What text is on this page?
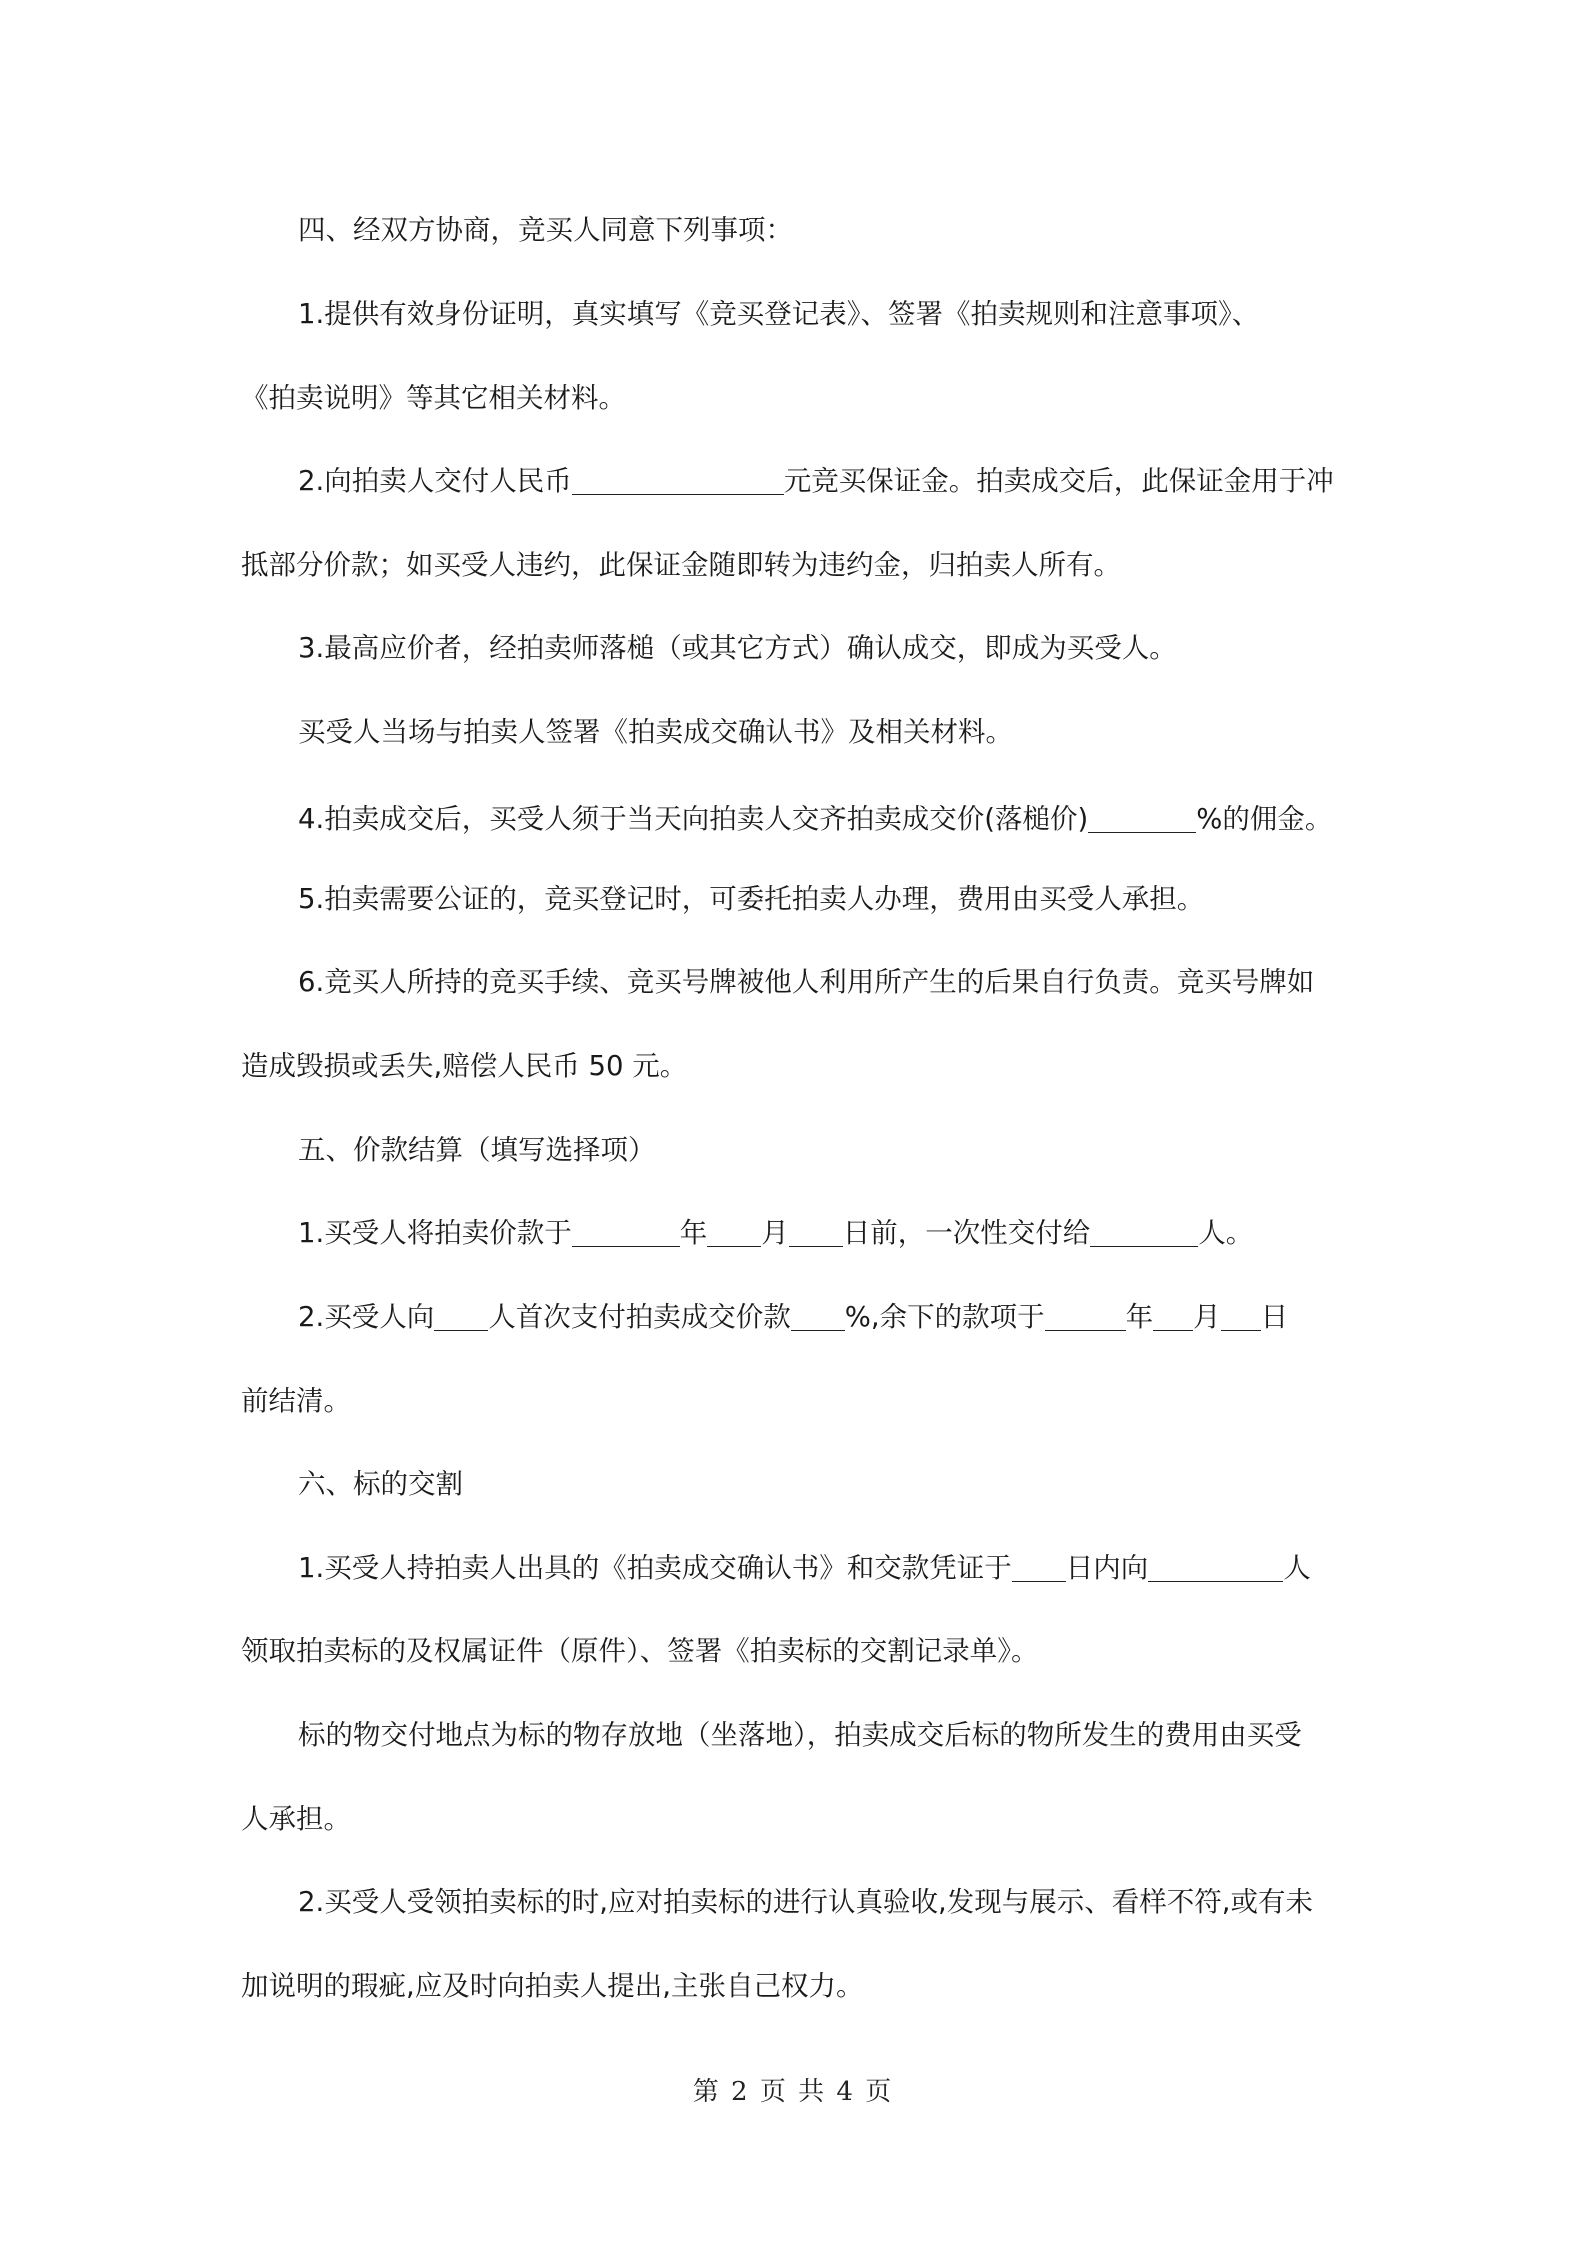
四、经双方协商，竞买人同意下列事项：
1.提供有效身份证明，真实填写《竞买登记表》、签署《拍卖规则和注意事项》、
《拍卖说明》等其它相关材料。
2.向拍卖人交付人民币	元竞买保证金。拍卖成交后，此保证金用于冲
抵部分价款；如买受人违约，此保证金随即转为违约金，归拍卖人所有。
3.最高应价者，经拍卖师落槌（或其它方式）确认成交，即成为买受人。
买受人当场与拍卖人签署《拍卖成交确认书》及相关材料。
4.拍卖成交后，买受人须于当天向拍卖人交齐拍卖成交价(落槌价)	%的佣金。
5.拍卖需要公证的，竞买登记时，可委托拍卖人办理，费用由买受人承担。
6.竞买人所持的竞买手续、竞买号牌被他人利用所产生的后果自行负责。竞买号牌如
造成毁损或丢失,赔偿人民币 50 元。
五、价款结算（填写选择项）
1.买受人将拍卖价款于	年 月 日前，一次性交付给	人。
2.买受人向 人首次支付拍卖成交价款 %,余下的款项于	年 月 日
前结清。
六、标的交割
1.买受人持拍卖人出具的《拍卖成交确认书》和交款凭证于 日内向	人
领取拍卖标的及权属证件（原件）、签署《拍卖标的交割记录单》。
标的物交付地点为标的物存放地（坐落地），拍卖成交后标的物所发生的费用由买受
人承担。
2.买受人受领拍卖标的时,应对拍卖标的进行认真验收,发现与展示、看样不符,或有未
加说明的瑕疵,应及时向拍卖人提出,主张自己权力。
第 2 页 共 4 页
